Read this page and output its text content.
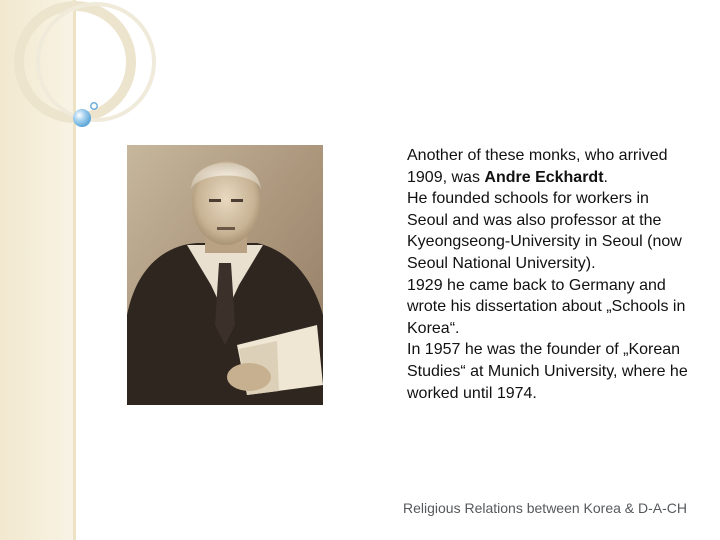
Another of these monks, who arrived 1909, was Andre Eckhardt.

He founded schools for workers in Seoul and was also professor at the Kyeongseong-University in Seoul (now Seoul National University).

1929 he came back to Germany and wrote his dissertation about „Schools in Korea“.

In 1957 he was the founder of „Korean Studies“ at Munich University, where he worked until 1974.

Religious Relations between Korea & D-A-CH
